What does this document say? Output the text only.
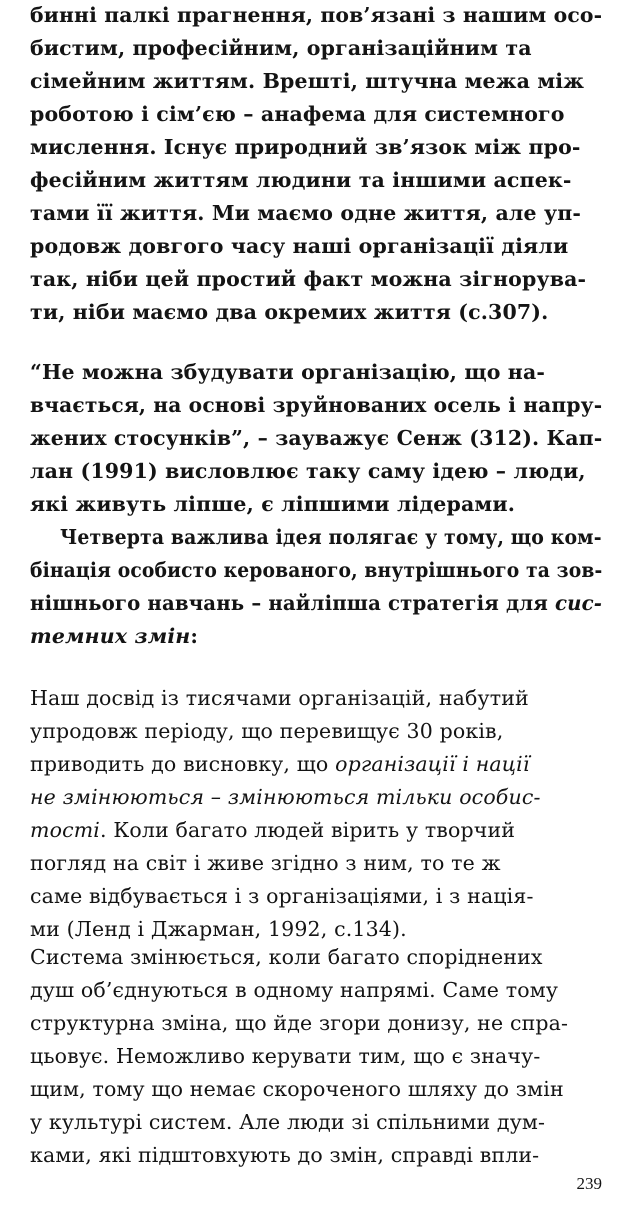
бинні палкі прагнення, пов’язані з нашим осо-
бистим, професійним, організаційним та
сімейним життям. Врешті, штучна межа між
роботою і сім’єю – анафема для системного
мислення. Існує природний зв’язок між про-
фесійним життям людини та іншими аспек-
тами її життя. Ми маємо одне життя, але уп-
родовж довгого часу наші організації діяли
так, ніби цей простий факт можна зігнорува-
ти, ніби маємо два окремих життя (с.307).
“Не можна збудувати організацію, що на-
вчається, на основі зруйнованих осель і напру-
жених стосунків”, – зауважує Сенж (312). Кап-
лан (1991) висловлює таку саму ідею – люди,
які живуть ліпше, є ліпшими лідерами.
Четверта важлива ідея полягає у тому, що ком-
бінація особисто керованого, внутрішнього та зов-
нішнього навчань – найліпша стратегія для сис-
темних змін:
Наш досвід із тисячами організацій, набутий
упродовж періоду, що перевищує 30 років,
приводить до висновку, що організації і нації
не змінюються – змінюються тільки особис-
тості. Коли багато людей вірить у творчий
погляд на світ і живе згідно з ним, то те ж
саме відбувається і з організаціями, і з нація-
ми (Ленд і Джарман, 1992, с.134).
Система змінюється, коли багато споріднених
душ об’єднуються в одному напрямі. Саме тому
структурна зміна, що йде згори донизу, не спра-
цьовує. Неможливо керувати тим, що є значу-
щим, тому що немає скороченого шляху до змін
у культурі систем. Але люди зі спільними дум-
ками, які підштовхують до змін, справді впли-
239
